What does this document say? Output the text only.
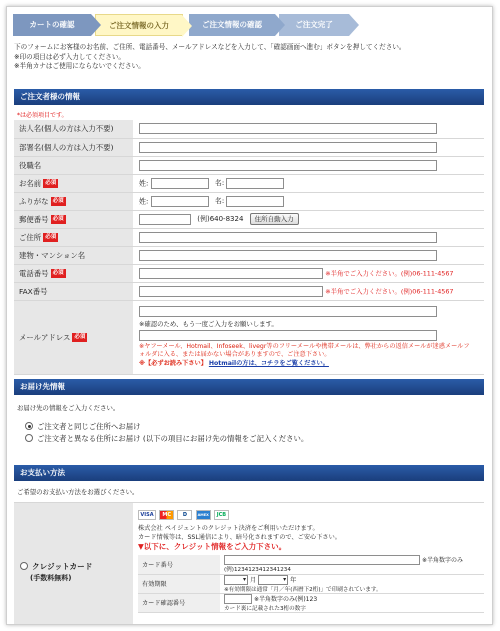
カートの確認	ご注文情報の入力	ご注文情報の確認	ご注文完了
下のフォームにお客様のお名前、ご住所、電話番号、メールアドレスなどを入力して、「確認画面へ進む」ボタンを押してください。
※印の項目は必ず入力してください。
※半角カナはご使用にならないでください。
ご注文者様の情報
*は必須項目です。
法人名(個人の方は入力不要)	
部署名(個人の方は入力不要)	
役職名	
お名前 必須	姓: 名:
ふりがな 必須	姓: 名:
郵便番号 必須	(例)640-8324 住所自動入力
ご住所 必須	
建物・マンション名	
電話番号 必須	※半角でご入力ください。(例)06-111-4567
FAX番号	※半角でご入力ください。(例)06-111-4567
メールアドレス 必須	※確認のため、もう一度ご入力をお願いします。
※ヤフーメール、Hotmail、Infoseek、livegr等のフリーメールや携帯メールは、弊社からの返信メールが迷惑メールフ
ォルダに入る、または届かない場合がありますので、ご注意下さい。
※【必ずお読み下さい】 Hotmailの方は、コチラをご覧ください。
お届け先情報
お届け先の情報をご入力ください。
ご注文者と同じご住所へお届け
ご注文者と異なる住所にお届け (以下の項目にお届け先の情報をご記入ください。
お支払い方法
ご希望のお支払い方法をお選びください。
クレジットカード
(手数料無料)
VISA MC D	AMEX JCB
株式会社 ペイジェントのクレジット決済をご利用いただけます。
カード情報等は、SSL通信により、暗号化されますので、ご安心下さい。
▼以下に、クレジット情報をご入力下さい。
カード番号	※半角数字のみ
(例)1234123412341234

有効期限	▾ 月 ▾ 年
※有効期限は通常「月／年(西暦下2桁)」で印刷されています。

カード確認番号	※半角数字のみ(例)123
カード裏に記載された3桁の数字
